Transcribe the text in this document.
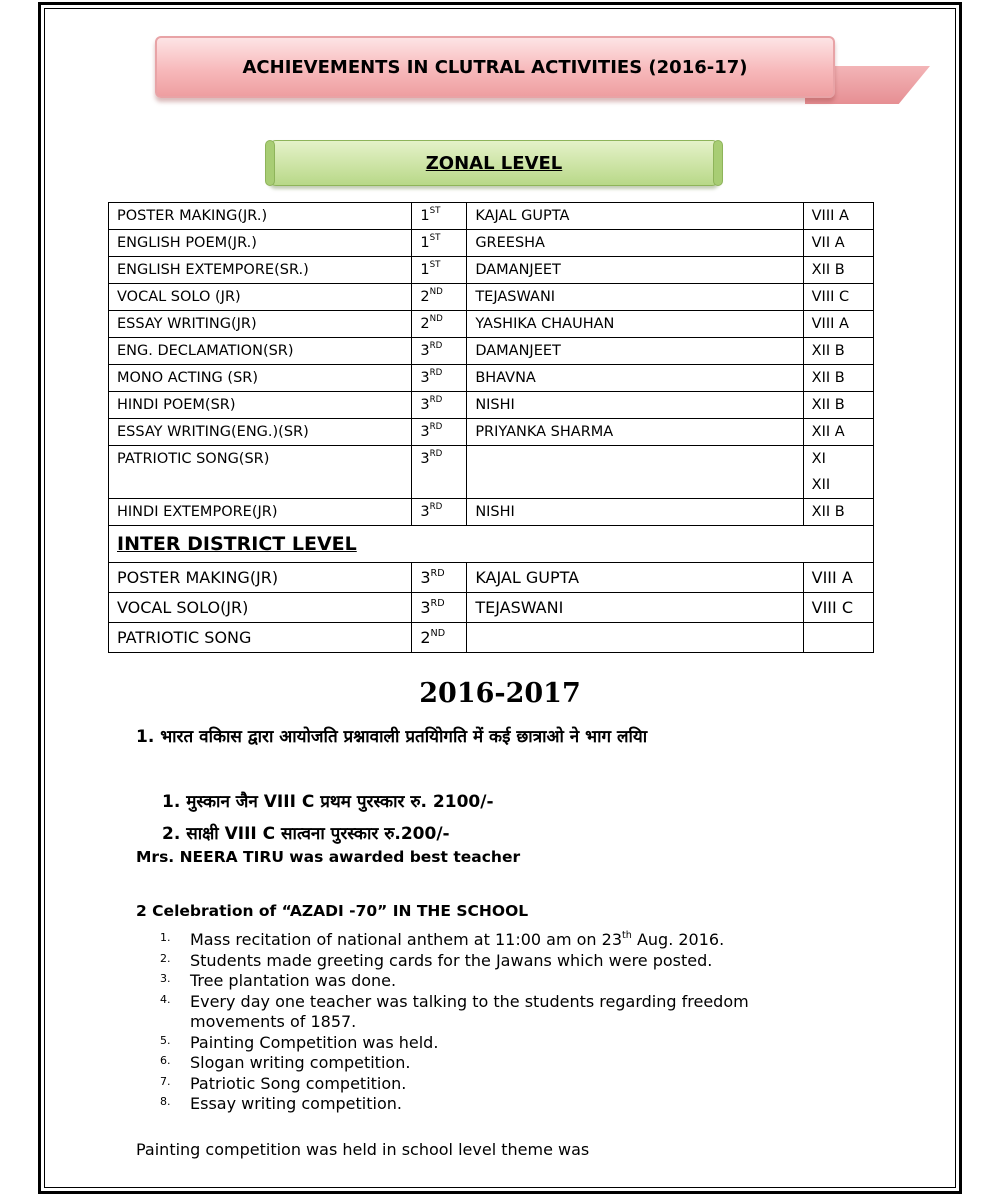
ACHIEVEMENTS IN CLUTRAL ACTIVITIES (2016-17)
ZONAL LEVEL
POSTER MAKING(JR.)	1ST	KAJAL GUPTA	VIII A
ENGLISH POEM(JR.)	1ST	GREESHA	VII A
ENGLISH EXTEMPORE(SR.)	1ST	DAMANJEET	XII B
VOCAL SOLO (JR)	2ND	TEJASWANI	VIII C
ESSAY WRITING(JR)	2ND	YASHIKA CHAUHAN	VIII A
ENG. DECLAMATION(SR)	3RD	DAMANJEET	XII B
MONO ACTING (SR)	3RD	BHAVNA	XII B
HINDI POEM(SR)	3RD	NISHI	XII B
ESSAY WRITING(ENG.)(SR)	3RD	PRIYANKA SHARMA	XII A
PATRIOTIC SONG(SR)	3RD		XI
XII

HINDI EXTEMPORE(JR)	3RD	NISHI	XII B
INTER DISTRICT LEVEL			
POSTER MAKING(JR)	3RD	KAJAL GUPTA	VIII A
VOCAL SOLO(JR)	3RD	TEJASWANI	VIII C
PATRIOTIC SONG	2ND		
2016-2017
1. भारत वकिास द्वारा आयोजति प्रश्नावाली प्रतयिोगति में कई छात्राओ ने भाग लयाि
1. मुस्कान जैन VIII C प्रथम पुरस्कार रु. 2100/-
2. साक्षी VIII C सात्वना पुरस्कार रु.200/-
Mrs. NEERA TIRU was awarded best teacher
2 Celebration of “AZADI -70” IN THE SCHOOL
1. Mass recitation of national anthem at 11:00 am on 23th Aug. 2016.
2. Students made greeting cards for the Jawans which were posted.
3. Tree plantation was done.
4. Every day one teacher was talking to the students regarding freedom movements of 1857.
5. Painting Competition was held.
6. Slogan writing competition.
7. Patriotic Song competition.
8. Essay writing competition.
Painting competition was held in school level theme was
